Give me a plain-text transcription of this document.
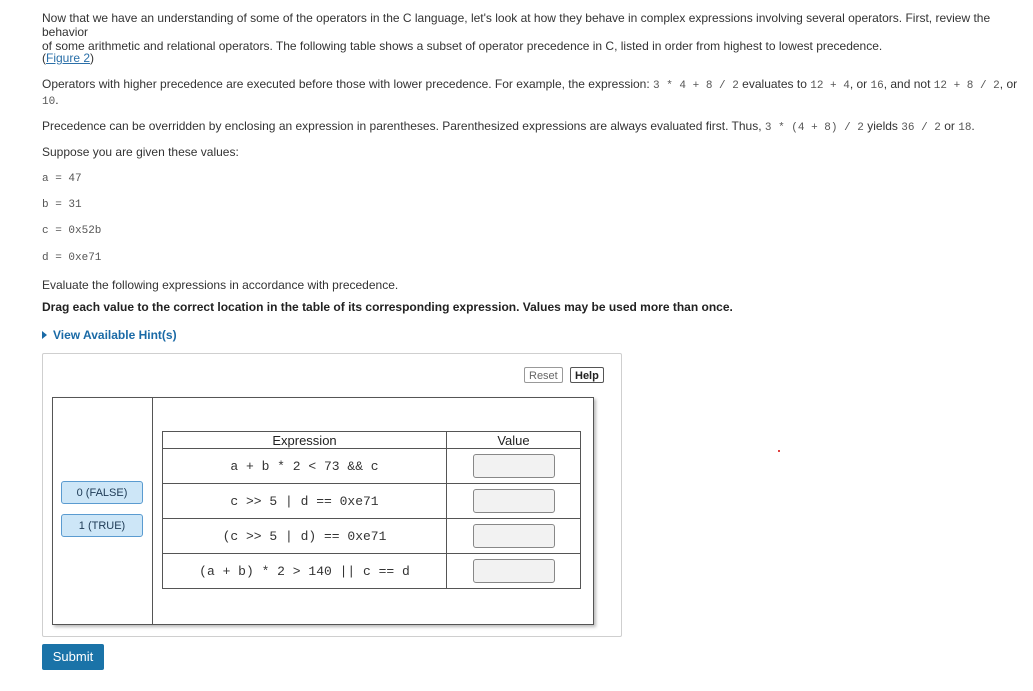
Now that we have an understanding of some of the operators in the C language, let's look at how they behave in complex expressions involving several operators. First, review the behavior
of some arithmetic and relational operators. The following table shows a subset of operator precedence in C, listed in order from highest to lowest precedence.
(Figure 2)
Operators with higher precedence are executed before those with lower precedence. For example, the expression: 3 * 4 + 8 / 2 evaluates to 12 + 4, or 16, and not 12 + 8 / 2, or
10.
Precedence can be overridden by enclosing an expression in parentheses. Parenthesized expressions are always evaluated first. Thus, 3 * (4 + 8) / 2 yields 36 / 2 or 18.
Suppose you are given these values:
a = 47
b = 31
c = 0x52b
d = 0xe71
Evaluate the following expressions in accordance with precedence.
Drag each value to the correct location in the table of its corresponding expression. Values may be used more than once.
View Available Hint(s)
Reset	Help
0 (FALSE)
1 (TRUE)
Expression	Value
a + b * 2 < 73 && c	
c >> 5 | d == 0xe71	
(c >> 5 | d) == 0xe71	
(a + b) * 2 > 140 || c == d	
Submit
